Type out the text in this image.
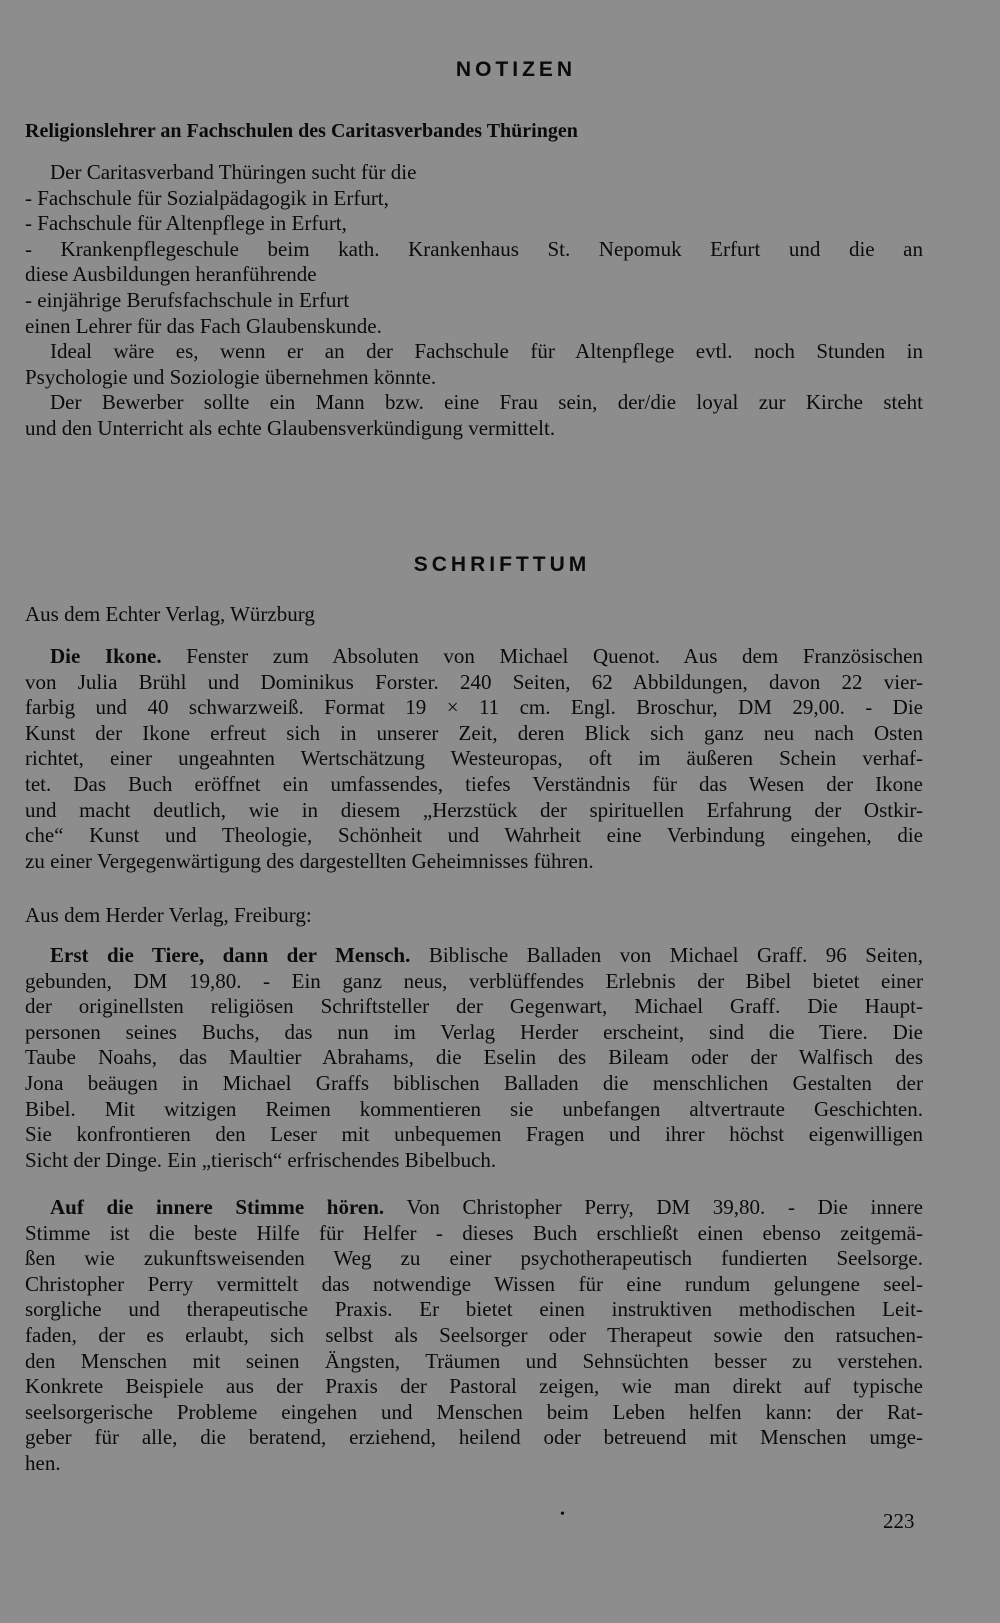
NOTIZEN
Religionslehrer an Fachschulen des Caritasverbandes Thüringen
Der Caritasverband Thüringen sucht für die
- Fachschule für Sozialpädagogik in Erfurt,
- Fachschule für Altenpflege in Erfurt,
- Krankenpflegeschule beim kath. Krankenhaus St. Nepomuk Erfurt und die an
diese Ausbildungen heranführende
- einjährige Berufsfachschule in Erfurt
einen Lehrer für das Fach Glaubenskunde.
Ideal wäre es, wenn er an der Fachschule für Altenpflege evtl. noch Stunden in
Psychologie und Soziologie übernehmen könnte.
Der Bewerber sollte ein Mann bzw. eine Frau sein, der/die loyal zur Kirche steht
und den Unterricht als echte Glaubensverkündigung vermittelt.
SCHRIFTTUM
Aus dem Echter Verlag, Würzburg
Die Ikone. Fenster zum Absoluten von Michael Quenot. Aus dem Französischen
von Julia Brühl und Dominikus Forster. 240 Seiten, 62 Abbildungen, davon 22 vier-
farbig und 40 schwarzweiß. Format 19 × 11 cm. Engl. Broschur, DM 29,00. - Die
Kunst der Ikone erfreut sich in unserer Zeit, deren Blick sich ganz neu nach Osten
richtet, einer ungeahnten Wertschätzung Westeuropas, oft im äußeren Schein verhaf-
tet. Das Buch eröffnet ein umfassendes, tiefes Verständnis für das Wesen der Ikone
und macht deutlich, wie in diesem „Herzstück der spirituellen Erfahrung der Ostkir-
che“ Kunst und Theologie, Schönheit und Wahrheit eine Verbindung eingehen, die
zu einer Vergegenwärtigung des dargestellten Geheimnisses führen.
Aus dem Herder Verlag, Freiburg:
Erst die Tiere, dann der Mensch. Biblische Balladen von Michael Graff. 96 Seiten,
gebunden, DM 19,80. - Ein ganz neus, verblüffendes Erlebnis der Bibel bietet einer
der originellsten religiösen Schriftsteller der Gegenwart, Michael Graff. Die Haupt-
personen seines Buchs, das nun im Verlag Herder erscheint, sind die Tiere. Die
Taube Noahs, das Maultier Abrahams, die Eselin des Bileam oder der Walfisch des
Jona beäugen in Michael Graffs biblischen Balladen die menschlichen Gestalten der
Bibel. Mit witzigen Reimen kommentieren sie unbefangen altvertraute Geschichten.
Sie konfrontieren den Leser mit unbequemen Fragen und ihrer höchst eigenwilligen
Sicht der Dinge. Ein „tierisch“ erfrischendes Bibelbuch.
Auf die innere Stimme hören. Von Christopher Perry, DM 39,80. - Die innere
Stimme ist die beste Hilfe für Helfer - dieses Buch erschließt einen ebenso zeitgemä-
ßen wie zukunftsweisenden Weg zu einer psychotherapeutisch fundierten Seelsorge.
Christopher Perry vermittelt das notwendige Wissen für eine rundum gelungene seel-
sorgliche und therapeutische Praxis. Er bietet einen instruktiven methodischen Leit-
faden, der es erlaubt, sich selbst als Seelsorger oder Therapeut sowie den ratsuchen-
den Menschen mit seinen Ängsten, Träumen und Sehnsüchten besser zu verstehen.
Konkrete Beispiele aus der Praxis der Pastoral zeigen, wie man direkt auf typische
seelsorgerische Probleme eingehen und Menschen beim Leben helfen kann: der Rat-
geber für alle, die beratend, erziehend, heilend oder betreuend mit Menschen umge-
hen.
•	223
